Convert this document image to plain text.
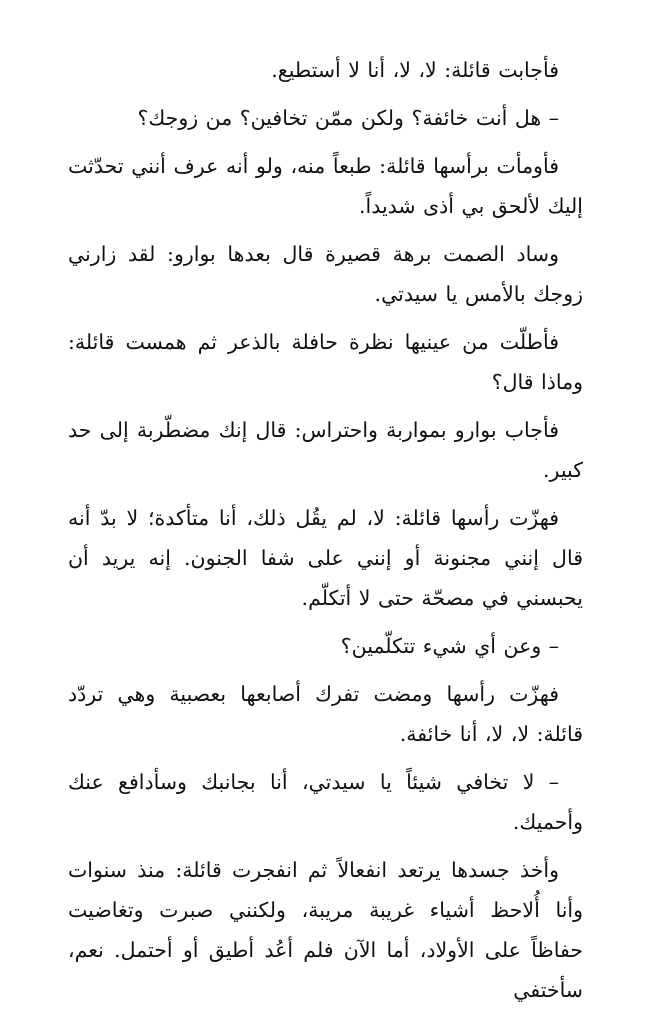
فأجابت قائلة: لا، لا، أنا لا أستطيع.

– هل أنت خائفة؟ ولكن ممّن تخافين؟ من زوجك؟

فأومأت برأسها قائلة: طبعاً منه، ولو أنه عرف أنني تحدّثت إليك لألحق بي أذى شديداً.

وساد الصمت برهة قصيرة قال بعدها بوارو: لقد زارني زوجك بالأمس يا سيدتي.

فأطلّت من عينيها نظرة حافلة بالذعر ثم همست قائلة: وماذا قال؟

فأجاب بوارو بمواربة واحتراس: قال إنك مضطّربة إلى حد كبير.

فهزّت رأسها قائلة: لا، لم يقُل ذلك، أنا متأكدة؛ لا بدّ أنه قال إنني مجنونة أو إنني على شفا الجنون. إنه يريد أن يحبسني في مصحّة حتى لا أتكلّم.

– وعن أي شيء تتكلّمين؟

فهزّت رأسها ومضت تفرك أصابعها بعصبية وهي تردّد قائلة: لا، لا، أنا خائفة.

– لا تخافي شيئاً يا سيدتي، أنا بجانبك وسأدافع عنك وأحميك.

وأخذ جسدها يرتعد انفعالاً ثم انفجرت قائلة: منذ سنوات وأنا أُلاحظ أشياء غريبة مريبة، ولكنني صبرت وتغاضيت حفاظاً على الأولاد، أما الآن فلم أعُد أطيق أو أحتمل. نعم، سأختفي
